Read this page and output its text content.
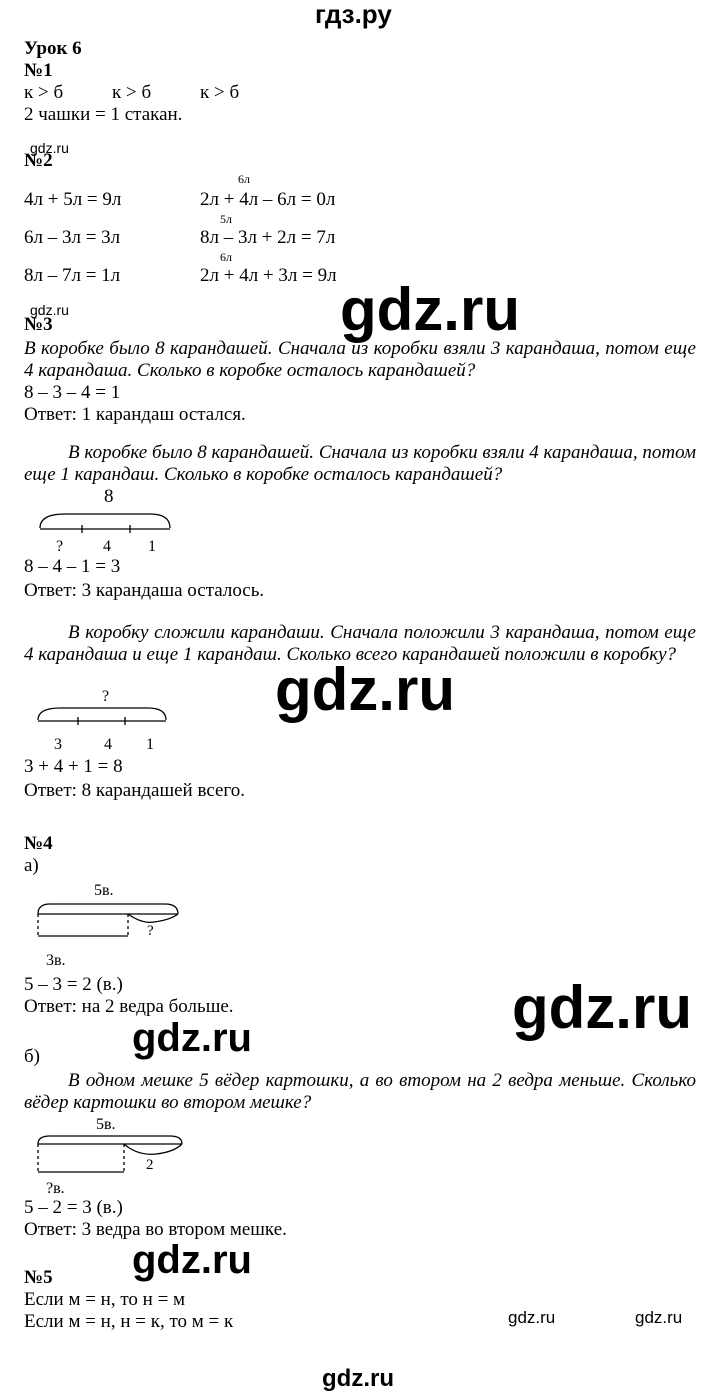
гдз.ру
Урок 6
№1
к > б	к > б	к > б
2 чашки = 1 стакан.
gdz.ru
№2
6л
4л + 5л = 9л	2л + 4л – 6л = 0л
5л
6л – 3л = 3л	8л – 3л + 2л = 7л
6л
8л – 7л = 1л	2л + 4л + 3л = 9л
gdz.ru	gdz.ru
№3
В коробке было 8 карандашей. Сначала из коробки взяли 3 карандаша, потом еще 4 карандаша. Сколько в коробке осталось карандашей?
8 – 3 – 4 = 1
Ответ: 1 карандаш остался.
В коробке было 8 карандашей. Сначала из коробки взяли 4 карандаша, потом еще 1 карандаш. Сколько в коробке осталось карандашей?
8
? 4 1
8 – 4 – 1 = 3
Ответ: 3 карандаша осталось.
В коробку сложили карандаши. Сначала положили 3 карандаша, потом еще 4 карандаша и еще 1 карандаш. Сколько всего карандашей положили в коробку?
gdz.ru
?
3	4 1
3 + 4 + 1 = 8
Ответ: 8 карандашей всего.
№4
а)
5в.
?
3в.
5 – 3 = 2 (в.)
Ответ: на 2 ведра больше.	gdz.ru
gdz.ru
б)
В одном мешке 5 вёдер картошки, а во втором на 2 ведра меньше. Сколько вёдер картошки во втором мешке?
5в.
2
?в.
5 – 2 = 3 (в.)
Ответ: 3 ведра во втором мешке.
gdz.ru
№5
Если м = н, то н = м
Если м = н, н = к, то м = к	gdz.ru	gdz.ru
gdz.ru
